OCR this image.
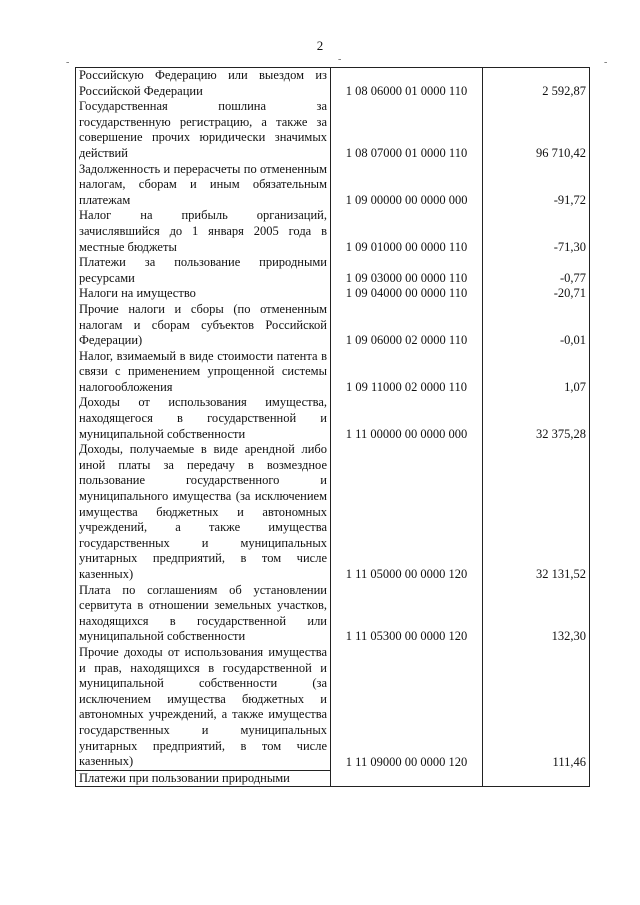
2
-	-	-
Российскую Федерацию или выездом из Российской Федерации	1 08 06000 01 0000 110	2 592,87
Государственная пошлина за государственную регистрацию, а также за совершение прочих юридически значимых действий	1 08 07000 01 0000 110	96 710,42
Задолженность и перерасчеты по отмененным налогам, сборам и иным обязательным платежам	1 09 00000 00 0000 000	-91,72
Налог на прибыль организаций, зачислявшийся до 1 января 2005 года в местные бюджеты	1 09 01000 00 0000 110	-71,30
Платежи за пользование природными ресурсами	1 09 03000 00 0000 110	-0,77
Налоги на имущество	1 09 04000 00 0000 110	-20,71
Прочие налоги и сборы (по отмененным налогам и сборам субъектов Российской Федерации)	1 09 06000 02 0000 110	-0,01
Налог, взимаемый в виде стоимости патента в связи с применением упрощенной системы налогообложения	1 09 11000 02 0000 110	1,07
Доходы от использования имущества, находящегося в государственной и муниципальной собственности	1 11 00000 00 0000 000	32 375,28
Доходы, получаемые в виде арендной либо иной платы за передачу в возмездное пользование государственного и муниципального имущества (за исключением имущества бюджетных и автономных учреждений, а также имущества государственных и муниципальных унитарных предприятий, в том числе казенных)	1 11 05000 00 0000 120	32 131,52
Плата по соглашениям об установлении сервитута в отношении земельных участков, находящихся в государственной или муниципальной собственности	1 11 05300 00 0000 120	132,30
Прочие доходы от использования имущества и прав, находящихся в государственной и муниципальной собственности (за исключением имущества бюджетных и автономных учреждений, а также имущества государственных и муниципальных унитарных предприятий, в том числе казенных)	1 11 09000 00 0000 120	111,46
Платежи при пользовании природными		
